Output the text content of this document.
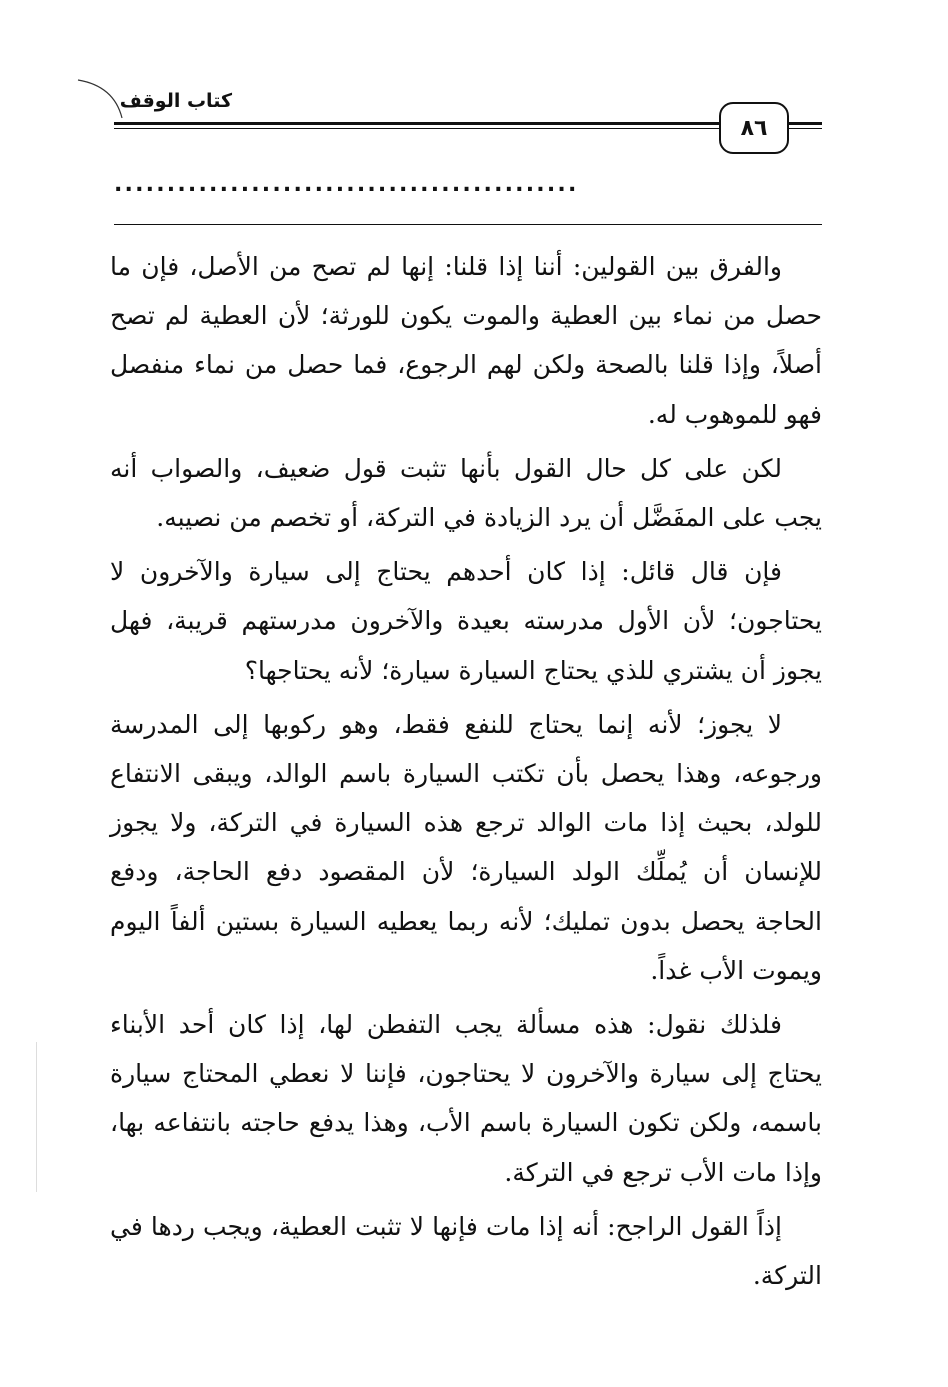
كتاب الوقف
٨٦
............................................

والفرق بين القولين: أننا إذا قلنا: إنها لم تصح من الأصل، فإن ما حصل من نماء بين العطية والموت يكون للورثة؛ لأن العطية لم تصح أصلاً، وإذا قلنا بالصحة ولكن لهم الرجوع، فما حصل من نماء منفصل فهو للموهوب له.

لكن على كل حال القول بأنها تثبت قول ضعيف، والصواب أنه يجب على المفَضَّل أن يرد الزيادة في التركة، أو تخصم من نصيبه.

فإن قال قائل: إذا كان أحدهم يحتاج إلى سيارة والآخرون لا يحتاجون؛ لأن الأول مدرسته بعيدة والآخرون مدرستهم قريبة، فهل يجوز أن يشتري للذي يحتاج السيارة سيارة؛ لأنه يحتاجها؟

لا يجوز؛ لأنه إنما يحتاج للنفع فقط، وهو ركوبها إلى المدرسة ورجوعه، وهذا يحصل بأن تكتب السيارة باسم الوالد، ويبقى الانتفاع للولد، بحيث إذا مات الوالد ترجع هذه السيارة في التركة، ولا يجوز للإنسان أن يُملِّك الولد السيارة؛ لأن المقصود دفع الحاجة، ودفع الحاجة يحصل بدون تمليك؛ لأنه ربما يعطيه السيارة بستين ألفاً اليوم ويموت الأب غداً.

فلذلك نقول: هذه مسألة يجب التفطن لها، إذا كان أحد الأبناء يحتاج إلى سيارة والآخرون لا يحتاجون، فإننا لا نعطي المحتاج سيارة باسمه، ولكن تكون السيارة باسم الأب، وهذا يدفع حاجته بانتفاعه بها، وإذا مات الأب ترجع في التركة.

إذاً القول الراجح: أنه إذا مات فإنها لا تثبت العطية، ويجب ردها في التركة.
